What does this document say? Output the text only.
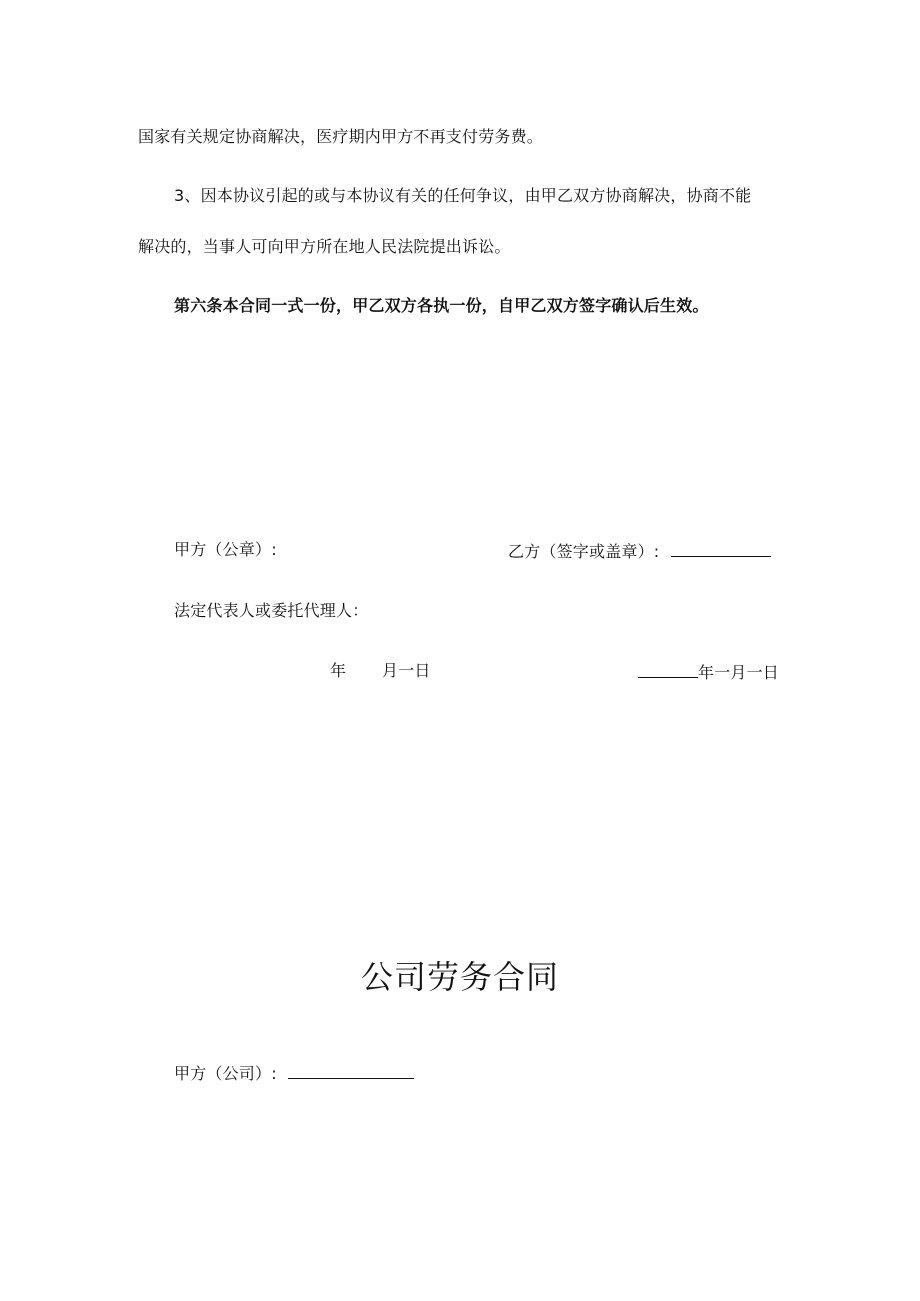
国家有关规定协商解决，医疗期内甲方不再支付劳务费。
3、因本协议引起的或与本协议有关的任何争议，由甲乙双方协商解决，协商不能
解决的，当事人可向甲方所在地人民法院提出诉讼。
第六条本合同一式一份，甲乙双方各执一份，自甲乙双方签字确认后生效。
甲方（公章）:	乙方（签字或盖章）:
法定代表人或委托代理人：
年 月一日	年一月一日
公司劳务合同
甲方（公司）:
